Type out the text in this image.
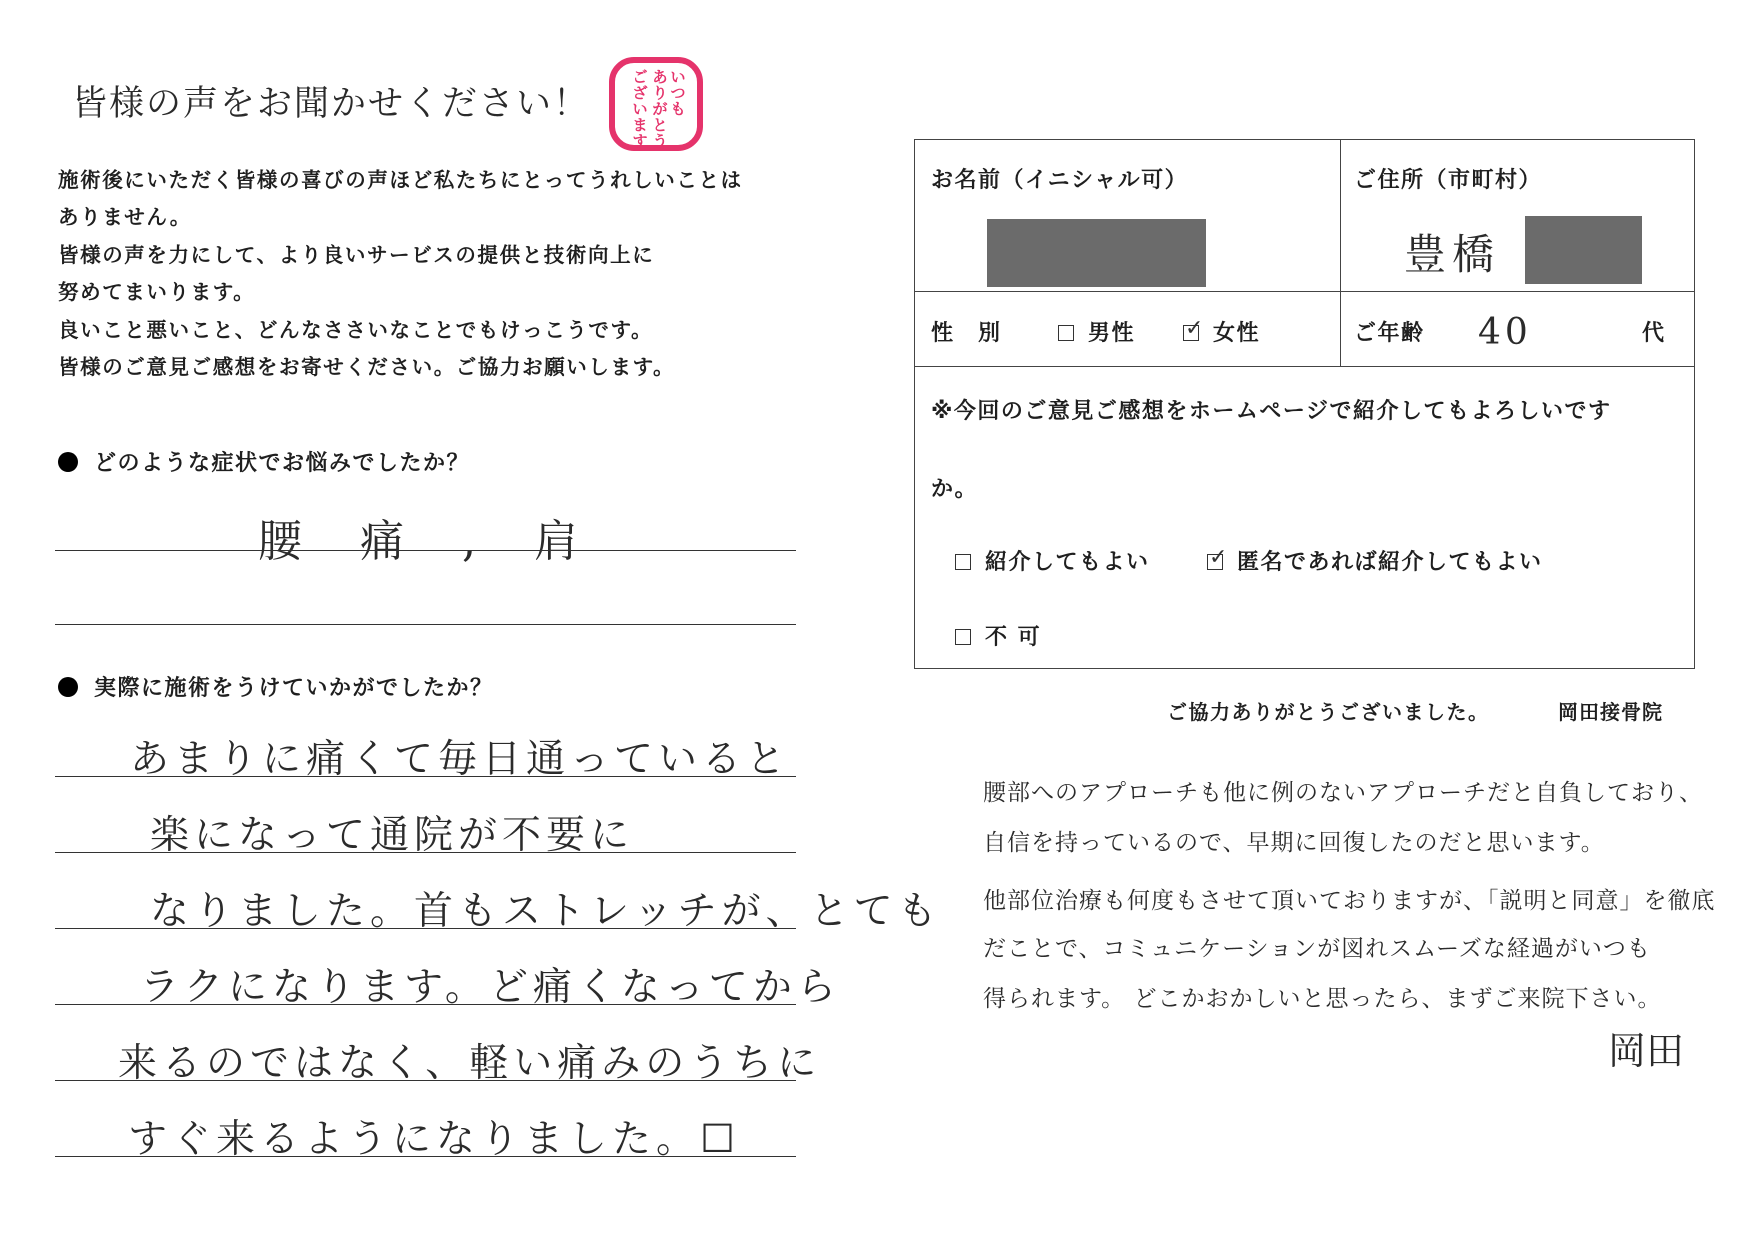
皆様の声をお聞かせください！
い
つ
も
あ
り
が
と
う
ご
ざ
い
ま
す
施術後にいただく皆様の喜びの声ほど私たちにとってうれしいことは
ありません。
皆様の声を力にして、より良いサービスの提供と技術向上に
努めてまいります。
良いこと悪いこと、どんなささいなことでもけっこうです。
皆様のご意見ご感想をお寄せください。ご協力お願いします。
どのような症状でお悩みでしたか？
腰 痛 , 肩
実際に施術をうけていかがでしたか？
あまりに痛くて毎日通っていると
楽になって通院が不要に
なりました。首もストレッチが、とても
ラクになります。ど痛くなってから
来るのではなく、軽い痛みのうちに
すぐ来るようになりました。☐
お名前（イニシャル可）	ご住所（市町村）
豊橋
性　別	男性 ✓ 女性	ご年齢 40	代
※今回のご意見ご感想をホームページで紹介してもよろしいです
か。
紹介してもよい	✓ 匿名であれば紹介してもよい
不 可
ご協力ありがとうございました。	岡田接骨院
腰部へのアプローチも他に例のないアプローチだと自負しており、
自信を持っているので、早期に回復したのだと思います。
他部位治療も何度もさせて頂いておりますが、「説明と同意」を徹底
だことで、コミュニケーションが図れスムーズな経過がいつも
得られます。 どこかおかしいと思ったら、まずご来院下さい。
岡田
